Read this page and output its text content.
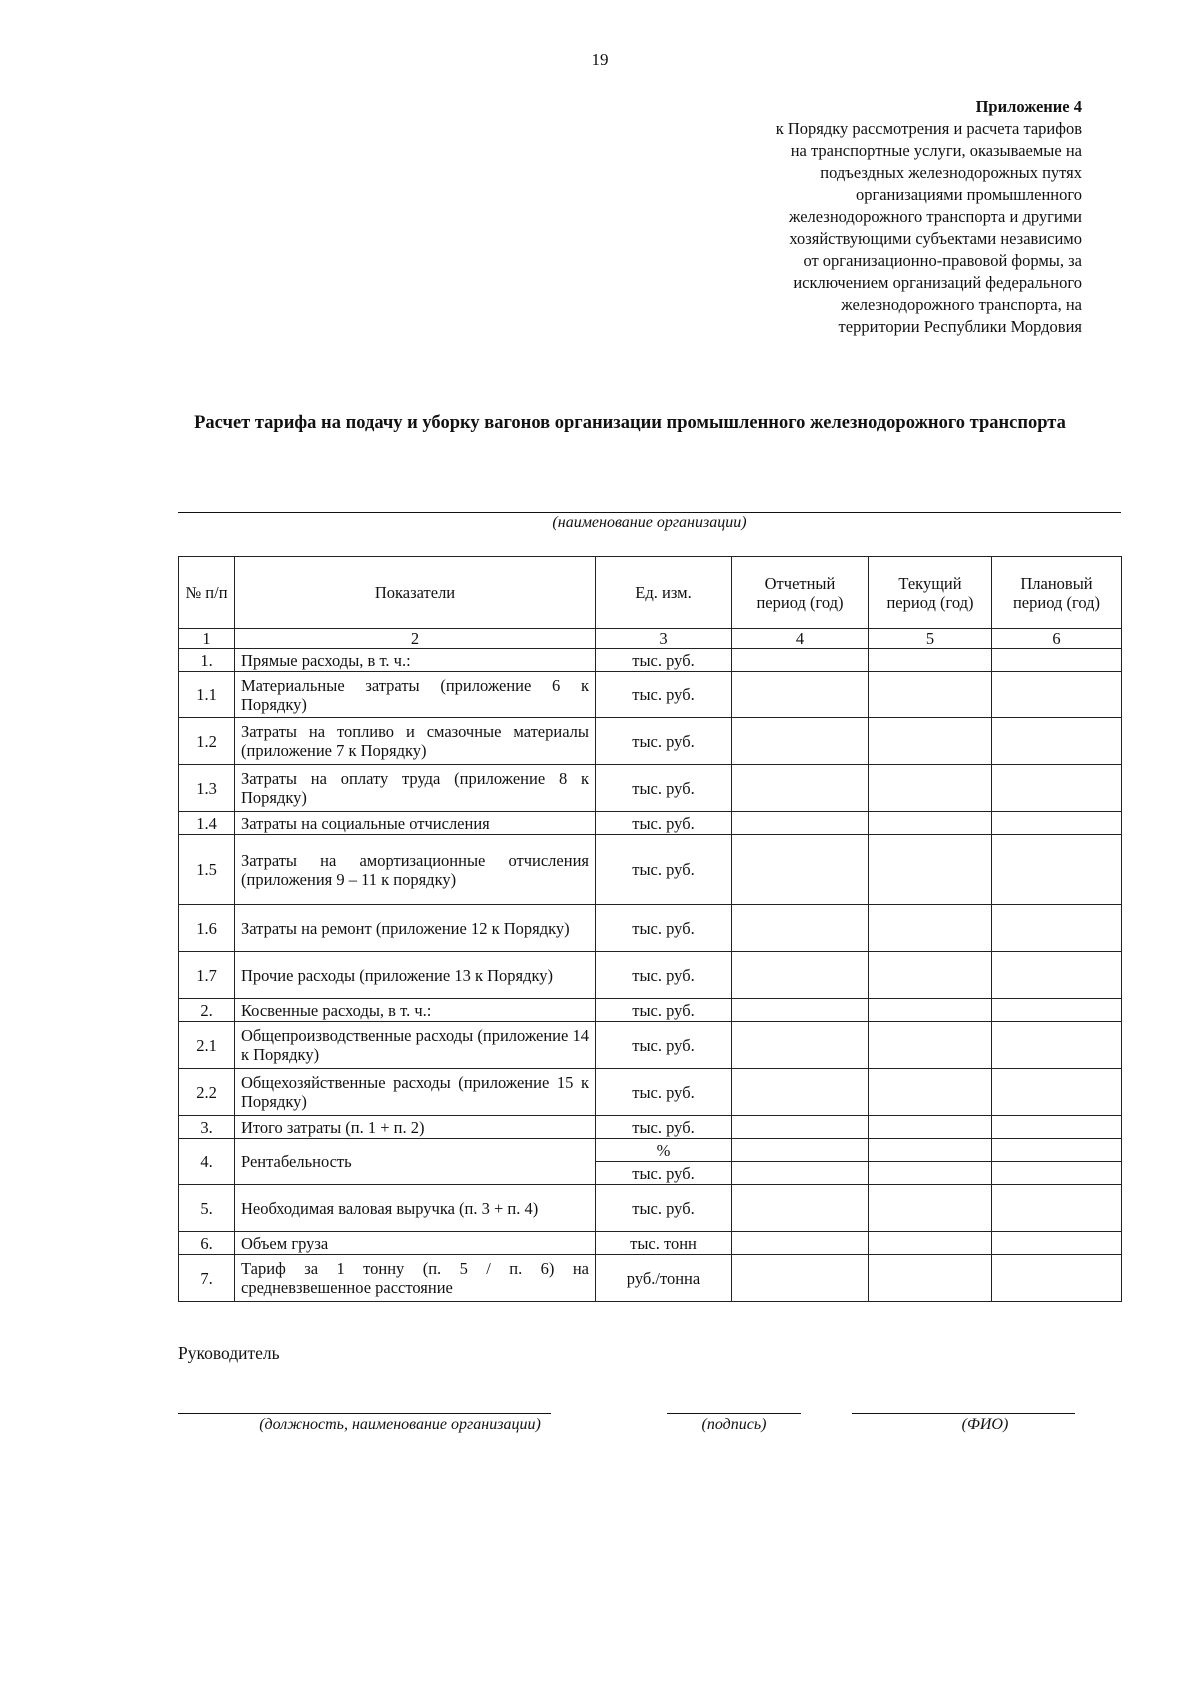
19
Приложение 4
к Порядку рассмотрения и расчета тарифов
на транспортные услуги, оказываемые на
подъездных железнодорожных путях
организациями промышленного
железнодорожного транспорта и другими
хозяйствующими субъектами независимо
от организационно-правовой формы, за
исключением организаций федерального
железнодорожного транспорта, на
территории Республики Мордовия
Расчет тарифа на подачу и уборку вагонов организации промышленного железнодорожного транспорта
(наименование организации)
№ п/п	Показатели	Ед. изм.	Отчетный период (год)	Текущий период (год)	Плановый период (год)
1	2	3	4	5	6
1.	Прямые расходы, в т. ч.:	тыс. руб.			
1.1	Материальные затраты (приложение 6 к Порядку)	тыс. руб.			
1.2	Затраты на топливо и смазочные материалы (приложение 7 к Порядку)	тыс. руб.			
1.3	Затраты на оплату труда (приложение 8 к Порядку)	тыс. руб.			
1.4	Затраты на социальные отчисления	тыс. руб.			
1.5	Затраты на амортизационные отчисления (приложения 9 – 11 к порядку)	тыс. руб.			
1.6	Затраты на ремонт (приложение 12 к Порядку)	тыс. руб.			
1.7	Прочие расходы (приложение 13 к Порядку)	тыс. руб.			
2.	Косвенные расходы, в т. ч.:	тыс. руб.			
2.1	Общепроизводственные расходы (приложение 14 к Порядку)	тыс. руб.			
2.2	Общехозяйственные расходы (приложение 15 к Порядку)	тыс. руб.			
3.	Итого затраты (п. 1 + п. 2)	тыс. руб.			
4.	Рентабельность	%			
		тыс. руб.			
5.	Необходимая валовая выручка (п. 3 + п. 4)	тыс. руб.			
6.	Объем груза	тыс. тонн			
7.	Тариф за 1 тонну (п. 5 / п. 6) на средневзвешенное расстояние	руб./тонна			
Руководитель
(должность, наименование организации)	(подпись)	(ФИО)
